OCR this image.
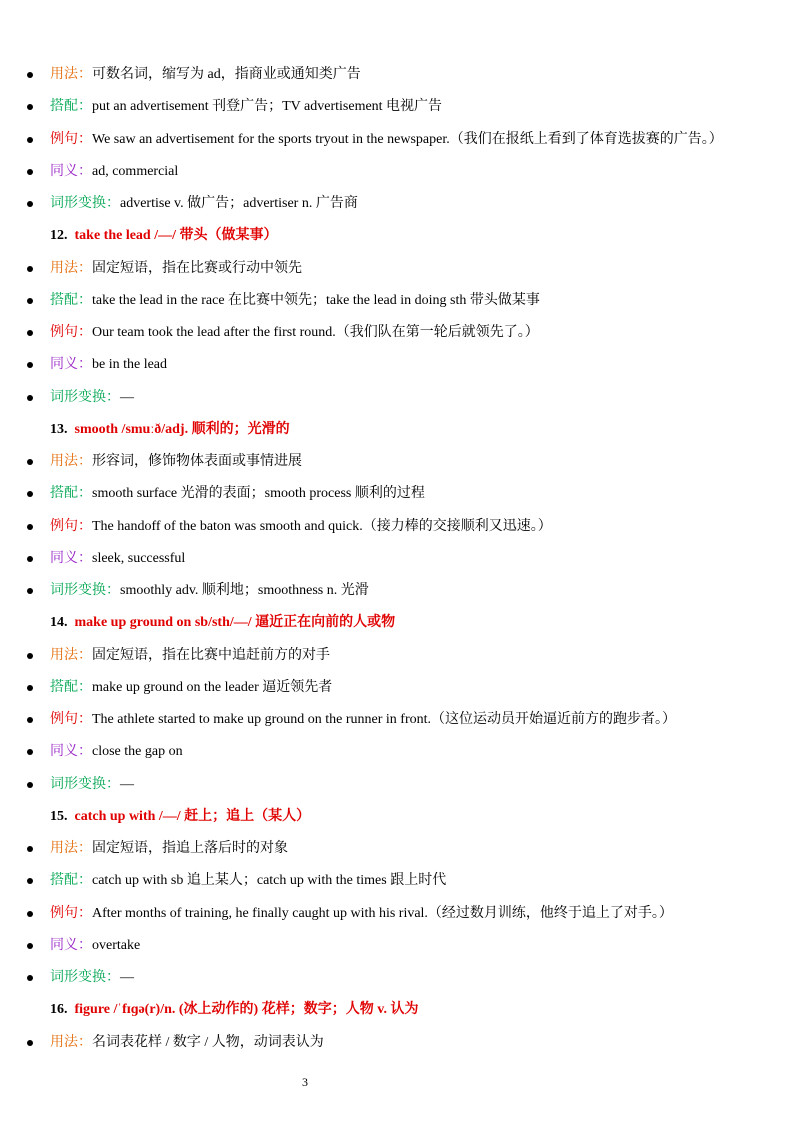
用法：可数名词，缩写为 ad，指商业或通知类广告
搭配：put an advertisement 刊登广告；TV advertisement 电视广告
例句：We saw an advertisement for the sports tryout in the newspaper.（我们在报纸上看到了体育选拔赛的广告。）
同义：ad, commercial
词形变换：advertise v. 做广告；advertiser n. 广告商
12. take the lead /—/ 带头（做某事）
用法：固定短语，指在比赛或行动中领先
搭配：take the lead in the race 在比赛中领先；take the lead in doing sth 带头做某事
例句：Our team took the lead after the first round.（我们队在第一轮后就领先了。）
同义：be in the lead
词形变换：—
13. smooth /smuːð/adj. 顺利的；光滑的
用法：形容词，修饰物体表面或事情进展
搭配：smooth surface 光滑的表面；smooth process 顺利的过程
例句：The handoff of the baton was smooth and quick.（接力棒的交接顺利又迅速。）
同义：sleek, successful
词形变换：smoothly adv. 顺利地；smoothness n. 光滑
14. make up ground on sb/sth/—/ 逼近正在向前的人或物
用法：固定短语，指在比赛中追赶前方的对手
搭配：make up ground on the leader 逼近领先者
例句：The athlete started to make up ground on the runner in front.（这位运动员开始逼近前方的跑步者。）
同义：close the gap on
词形变换：—
15. catch up with /—/ 赶上；追上（某人）
用法：固定短语，指追上落后时的对象
搭配：catch up with sb 追上某人；catch up with the times 跟上时代
例句：After months of training, he finally caught up with his rival.（经过数月训练，他终于追上了对手。）
同义：overtake
词形变换：—
16. figure /ˈfɪɡə(r)/n. (冰上动作的) 花样；数字；人物 v. 认为
用法：名词表花样 / 数字 / 人物，动词表认为
3
